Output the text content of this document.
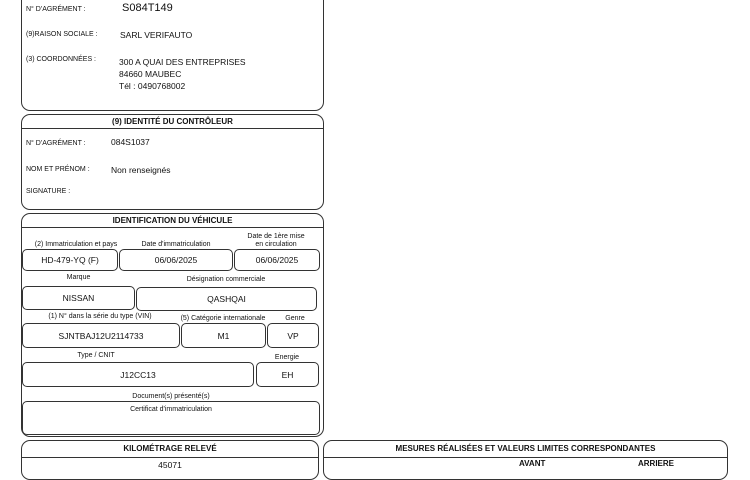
N° D'AGRÉMENT :	S084T149
(9)RAISON SOCIALE :	SARL VERIFAUTO
(3) COORDONNÉES :	300 A QUAI DES ENTREPRISES
84660 MAUBEC
Tél : 0490768002
(9) IDENTITÉ DU CONTRÔLEUR
N° D'AGRÉMENT :	084S1037
NOM ET PRÉNOM :	Non renseignés
SIGNATURE :
IDENTIFICATION DU VÉHICULE
(2) Immatriculation et pays	Date d'immatriculation
Date de 1ère mise
en circulation
HD-479-YQ (F)	06/06/2025	06/06/2025
Marque	Désignation commerciale
NISSAN	QASHQAI
(1) N° dans la série du type (VIN)	(5) Catégorie internationale	Genre
SJNTBAJ12U2114733	M1	VP
Type / CNIT	Energie
J12CC13	EH
Document(s) présenté(s)
Certificat d'immatriculation
KILOMÉTRAGE RELEVÉ
45071
MESURES RÉALISÉES ET VALEURS LIMITES CORRESPONDANTES
AVANT	ARRIERE
